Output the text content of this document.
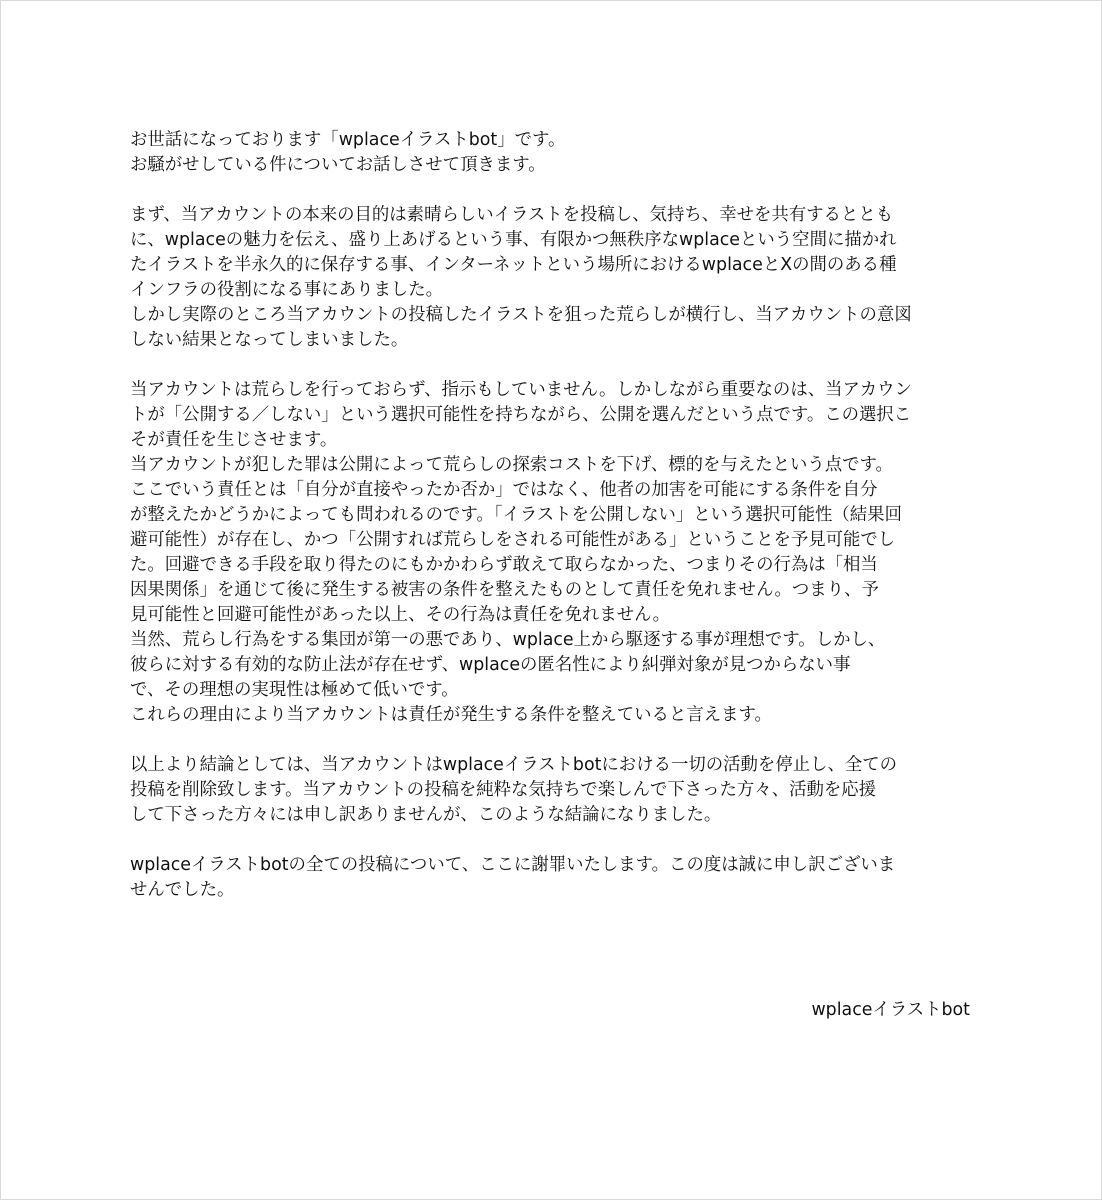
お世話になっております「wplaceイラストbot」です。
お騒がせしている件についてお話しさせて頂きます。

まず、当アカウントの本来の目的は素晴らしいイラストを投稿し、気持ち、幸せを共有するととも
に、wplaceの魅力を伝え、盛り上あげるという事、有限かつ無秩序なwplaceという空間に描かれ
たイラストを半永久的に保存する事、インターネットという場所におけるwplaceとXの間のある種
インフラの役割になる事にありました。
しかし実際のところ当アカウントの投稿したイラストを狙った荒らしが横行し、当アカウントの意図
しない結果となってしまいました。

当アカウントは荒らしを行っておらず、指示もしていません。しかしながら重要なのは、当アカウン
トが「公開する／しない」という選択可能性を持ちながら、公開を選んだという点です。この選択こ
そが責任を生じさせます。
当アカウントが犯した罪は公開によって荒らしの探索コストを下げ、標的を与えたという点です。
ここでいう責任とは「自分が直接やったか否か」ではなく、他者の加害を可能にする条件を自分
が整えたかどうかによっても問われるのです。「イラストを公開しない」という選択可能性（結果回
避可能性）が存在し、かつ「公開すれば荒らしをされる可能性がある」ということを予見可能でし
た。回避できる手段を取り得たのにもかかわらず敢えて取らなかった、つまりその行為は「相当
因果関係」を通じて後に発生する被害の条件を整えたものとして責任を免れません。つまり、予
見可能性と回避可能性があった以上、その行為は責任を免れません。
当然、荒らし行為をする集団が第一の悪であり、wplace上から駆逐する事が理想です。しかし、
彼らに対する有効的な防止法が存在せず、wplaceの匿名性により糾弾対象が見つからない事
で、その理想の実現性は極めて低いです。
これらの理由により当アカウントは責任が発生する条件を整えていると言えます。

以上より結論としては、当アカウントはwplaceイラストbotにおける一切の活動を停止し、全ての
投稿を削除致します。当アカウントの投稿を純粋な気持ちで楽しんで下さった方々、活動を応援
して下さった方々には申し訳ありませんが、このような結論になりました。

wplaceイラストbotの全ての投稿について、ここに謝罪いたします。この度は誠に申し訳ございま
せんでした。

wplaceイラストbot
